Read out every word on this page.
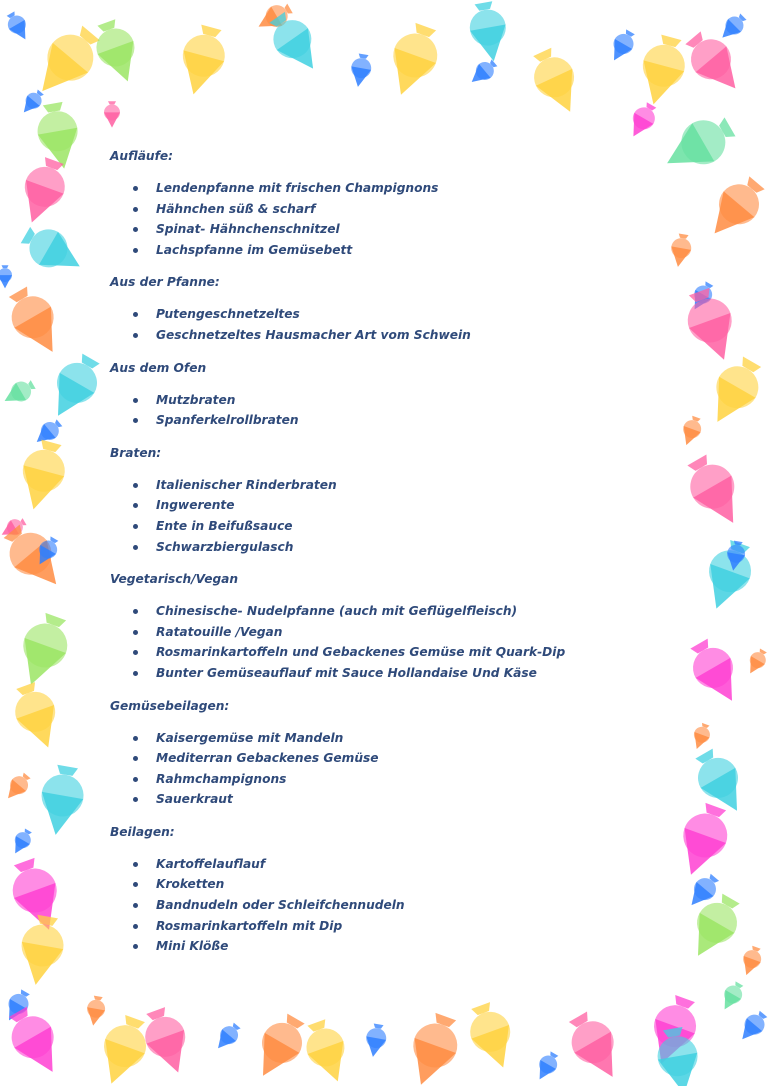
Aufläufe:
Lendenpfanne mit frischen Champignons
Hähnchen süß & scharf
Spinat- Hähnchenschnitzel
Lachspfanne im Gemüsebett
Aus der Pfanne:
Putengeschnetzeltes
Geschnetzeltes Hausmacher Art vom Schwein
Aus dem Ofen
Mutzbraten
Spanferkelrollbraten
Braten:
Italienischer Rinderbraten
Ingwerente
Ente in Beifußsauce
Schwarzbiergulasch
Vegetarisch/Vegan
Chinesische- Nudelpfanne (auch mit Geflügelfleisch)
Ratatouille /Vegan
Rosmarinkartoffeln und Gebackenes Gemüse mit Quark-Dip
Bunter Gemüseauflauf mit Sauce Hollandaise Und Käse
Gemüsebeilagen:
Kaisergemüse mit Mandeln
Mediterran Gebackenes Gemüse
Rahmchampignons
Sauerkraut
Beilagen:
Kartoffelauflauf
Kroketten
Bandnudeln oder Schleifchennudeln
Rosmarinkartoffeln mit Dip
Mini Klöße
